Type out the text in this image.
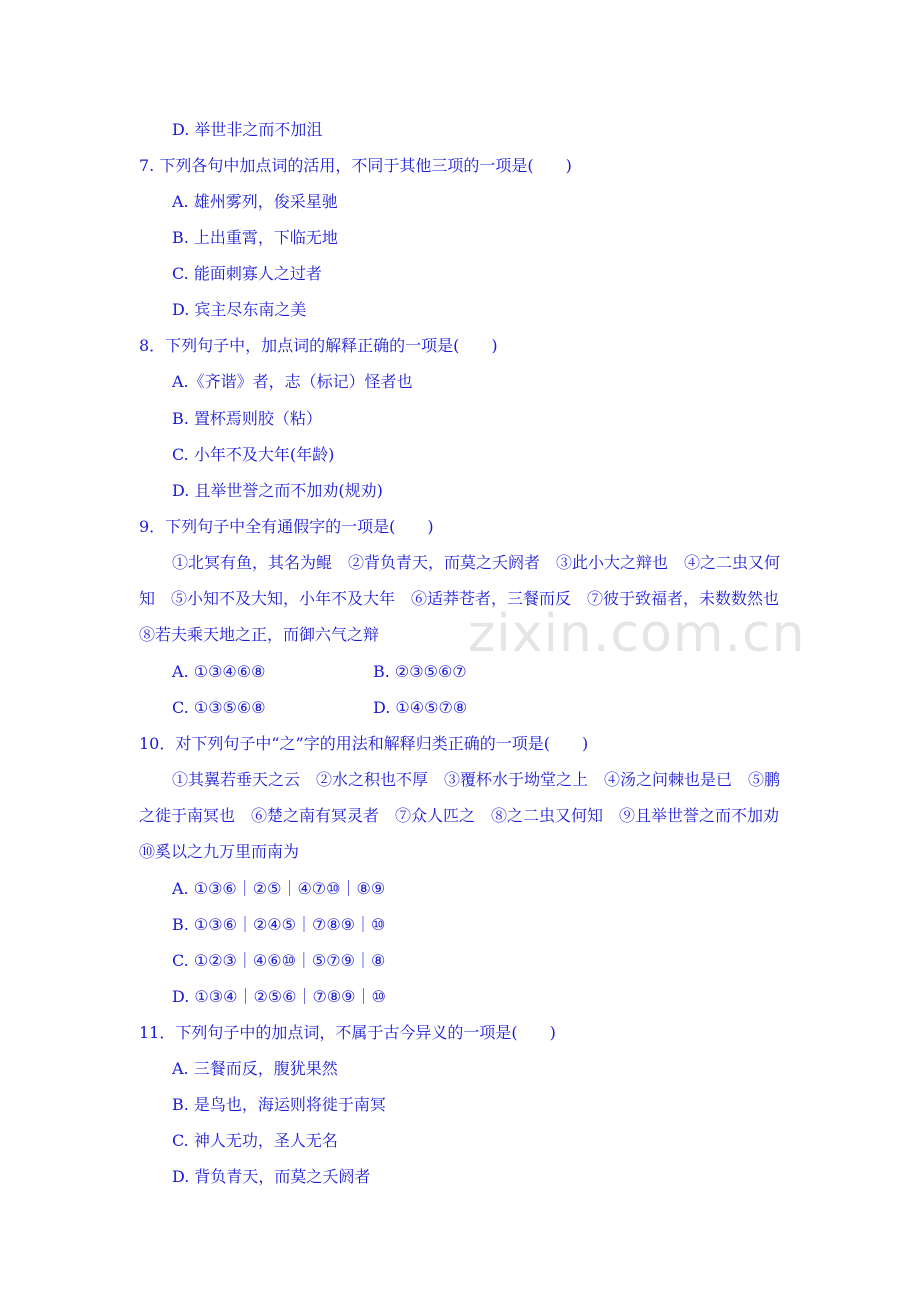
zixin.com.cn
D. 举世非之而不加沮
7. 下列各句中加点词的活用，不同于其他三项的一项是(　　)
A. 雄州雾列，俊采星驰
B. 上出重霄，下临无地
C. 能面刺寡人之过者
D. 宾主尽东南之美
8．下列句子中，加点词的解释正确的一项是(　　)
A.《齐谐》者，志（标记）怪者也
B. 置杯焉则胶（粘）
C. 小年不及大年(年龄)
D. 且举世誉之而不加劝(规劝)
9．下列句子中全有通假字的一项是(　　)
①北冥有鱼，其名为鲲　②背负青天，而莫之夭阏者　③此小大之辩也　④之二虫又何知　⑤小知不及大知，小年不及大年　⑥适莽苍者，三餐而反　⑦彼于致福者，未数数然也　⑧若夫乘天地之正，而御六气之辩
A. ①③④⑥⑧	B. ②③⑤⑥⑦
C. ①③⑤⑥⑧	D. ①④⑤⑦⑧
10．对下列句子中“之”字的用法和解释归类正确的一项是(　　)
①其翼若垂天之云　②水之积也不厚　③覆杯水于坳堂之上　④汤之问棘也是已　⑤鹏之徙于南冥也　⑥楚之南有冥灵者　⑦众人匹之　⑧之二虫又何知　⑨且举世誉之而不加劝　⑩奚以之九万里而南为
A. ①③⑥｜②⑤｜④⑦⑩｜⑧⑨
B. ①③⑥｜②④⑤｜⑦⑧⑨｜⑩
C. ①②③｜④⑥⑩｜⑤⑦⑨｜⑧
D. ①③④｜②⑤⑥｜⑦⑧⑨｜⑩
11．下列句子中的加点词，不属于古今异义的一项是(　　)
A. 三餐而反，腹犹果然
B. 是鸟也，海运则将徙于南冥
C. 神人无功，圣人无名
D. 背负青天，而莫之夭阏者
